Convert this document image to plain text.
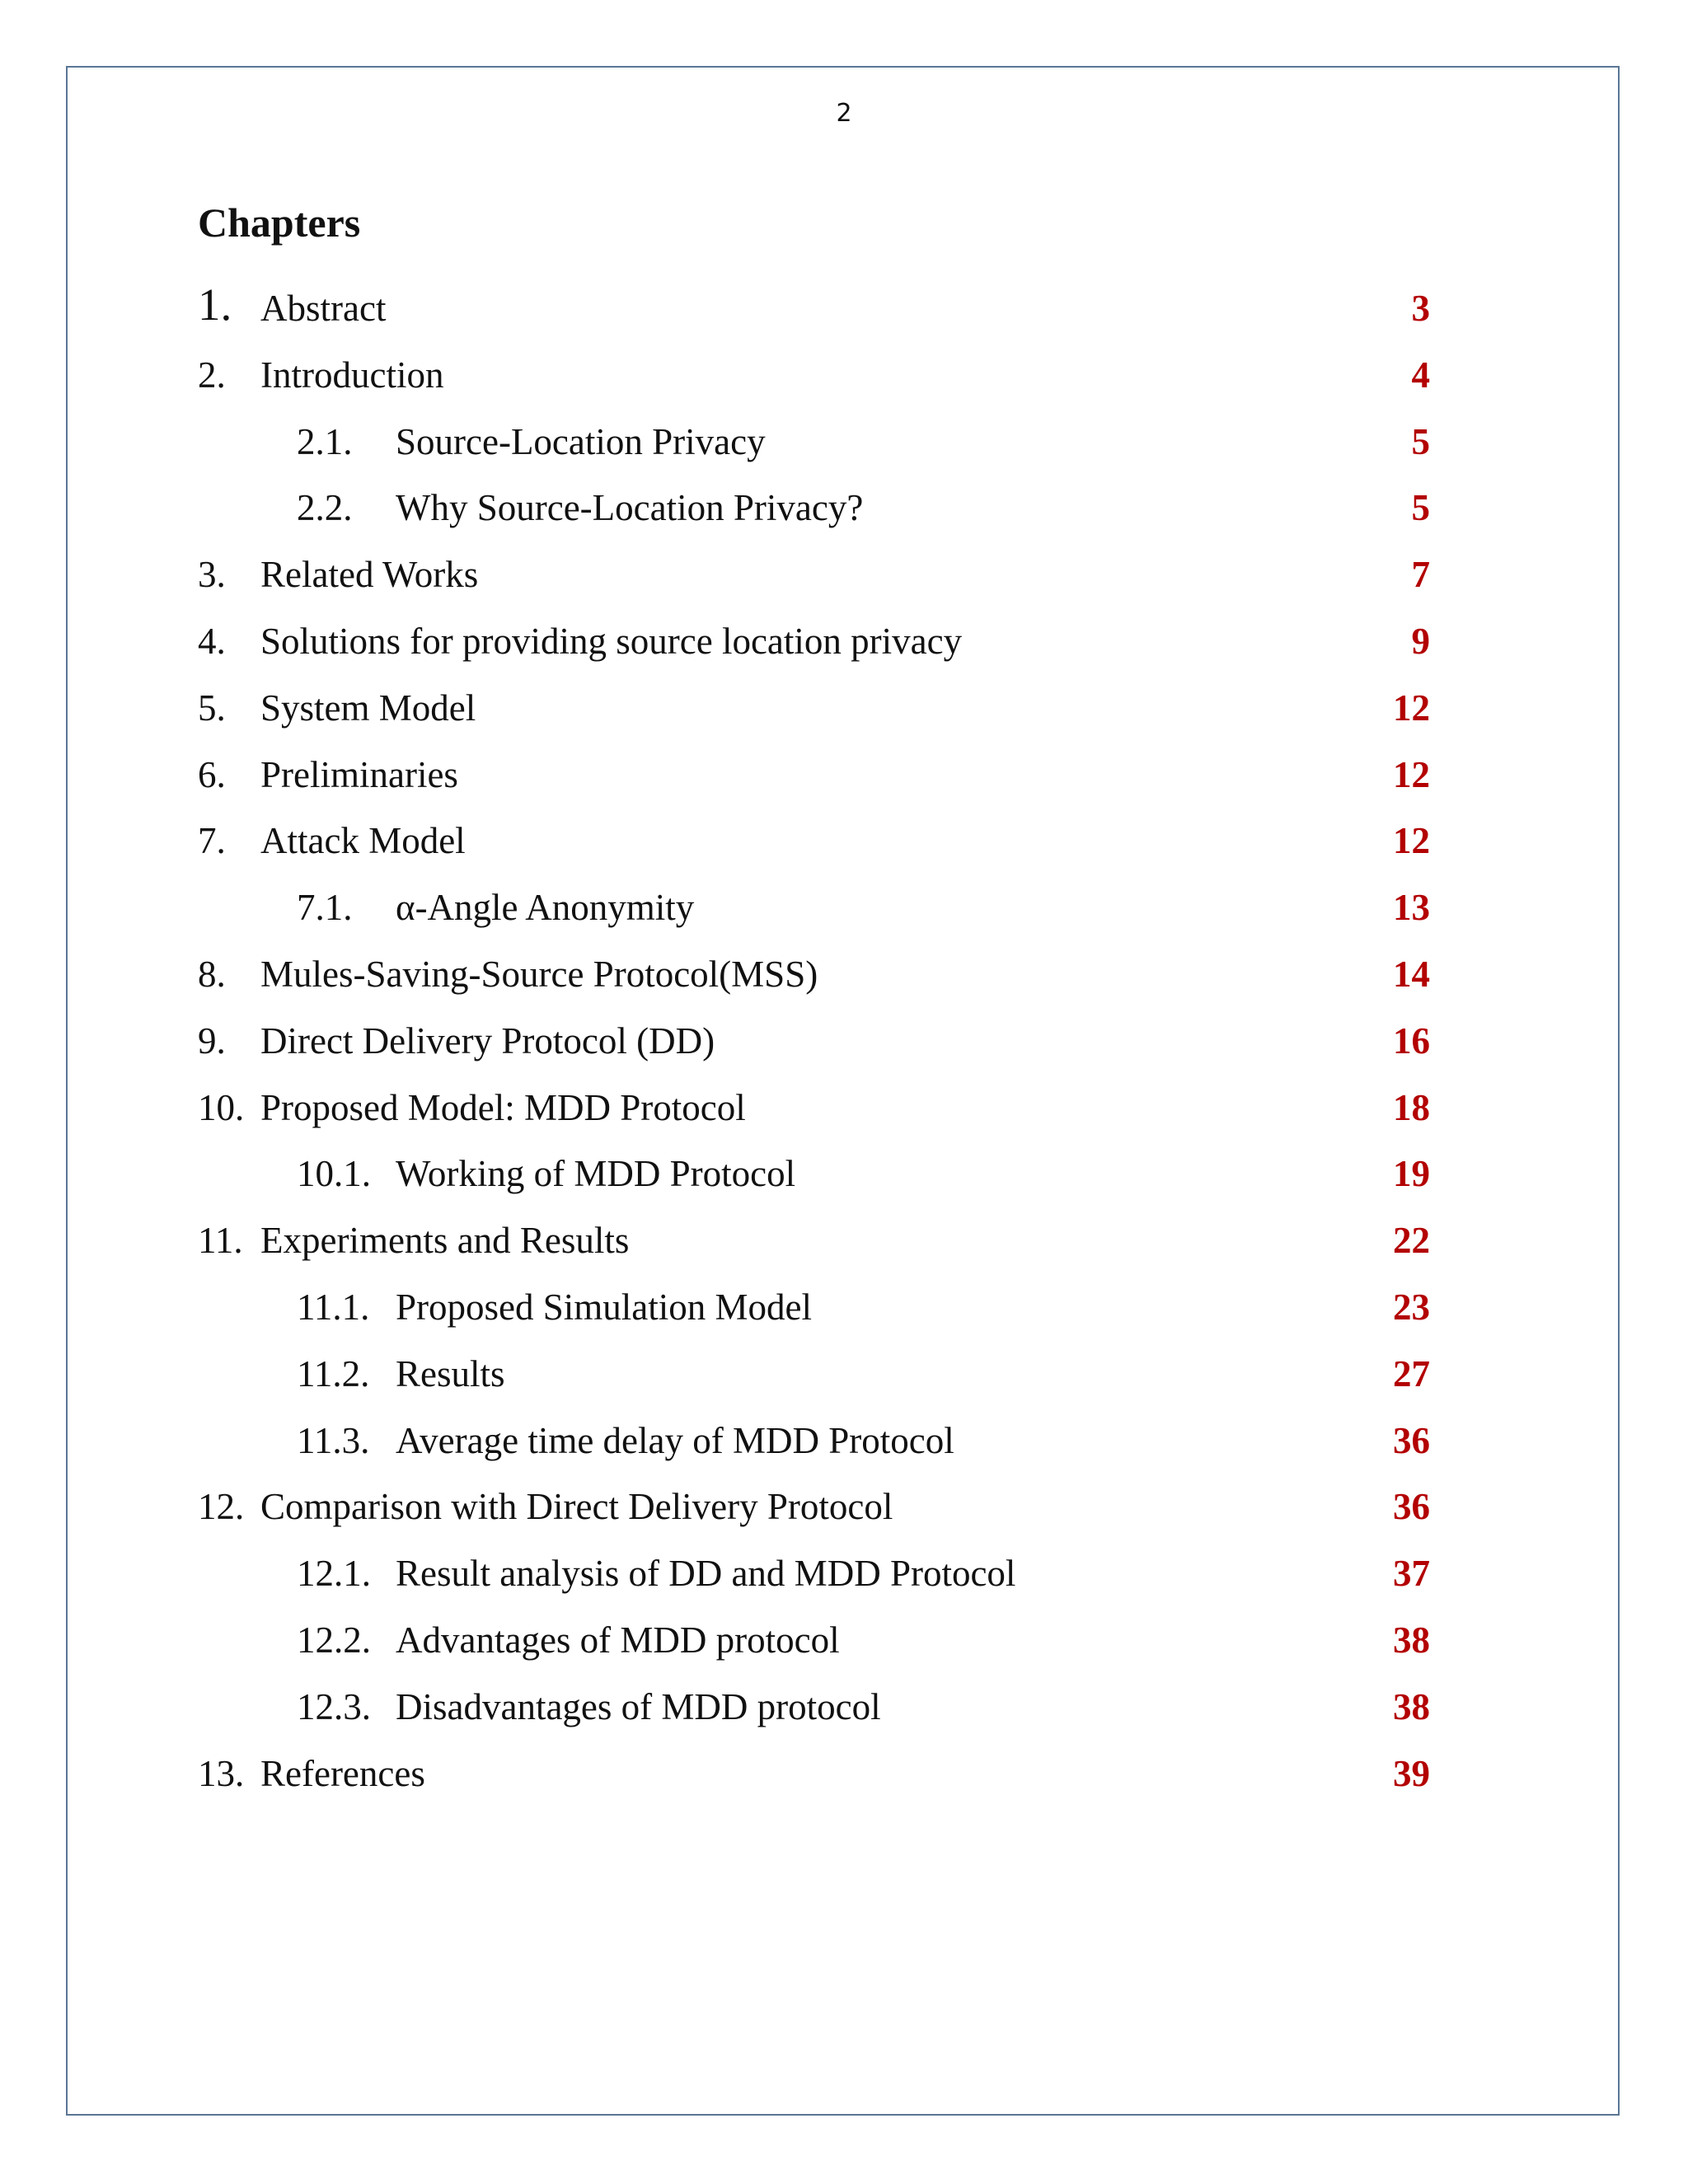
2
Chapters
1. Abstract	3
2. Introduction	4
2.1. Source-Location Privacy	5
2.2. Why Source-Location Privacy?	5
3. Related Works	7
4. Solutions for providing source location privacy	9
5. System Model	12
6. Preliminaries	12
7. Attack Model	12
7.1. α-Angle Anonymity	13
8. Mules-Saving-Source Protocol(MSS)	14
9. Direct Delivery Protocol (DD)	16
10. Proposed Model: MDD Protocol	18
10.1. Working of MDD Protocol	19
11. Experiments and Results	22
11.1. Proposed Simulation Model	23
11.2. Results	27
11.3. Average time delay of MDD Protocol	36
12. Comparison with Direct Delivery Protocol	36
12.1. Result analysis of DD and MDD Protocol	37
12.2. Advantages of MDD protocol	38
12.3. Disadvantages of MDD protocol	38
13. References	39
